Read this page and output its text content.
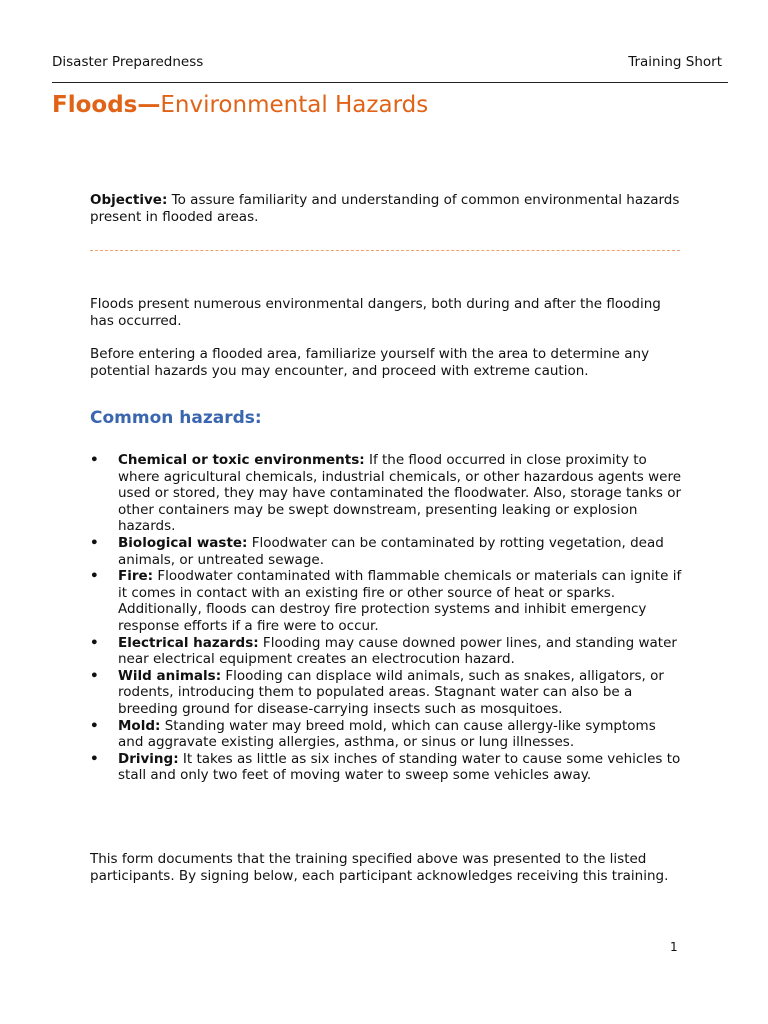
Disaster Preparedness	Training Short
Floods—Environmental Hazards
Objective: To assure familiarity and understanding of common environmental hazards present in flooded areas.
Floods present numerous environmental dangers, both during and after the flooding has occurred.
Before entering a flooded area, familiarize yourself with the area to determine any potential hazards you may encounter, and proceed with extreme caution.
Common hazards:
• Chemical or toxic environments: If the flood occurred in close proximity to where agricultural chemicals, industrial chemicals, or other hazardous agents were used or stored, they may have contaminated the floodwater. Also, storage tanks or other containers may be swept downstream, presenting leaking or explosion hazards.
• Biological waste: Floodwater can be contaminated by rotting vegetation, dead animals, or untreated sewage.
• Fire: Floodwater contaminated with flammable chemicals or materials can ignite if it comes in contact with an existing fire or other source of heat or sparks. Additionally, floods can destroy fire protection systems and inhibit emergency response efforts if a fire were to occur.
• Electrical hazards: Flooding may cause downed power lines, and standing water near electrical equipment creates an electrocution hazard.
• Wild animals: Flooding can displace wild animals, such as snakes, alligators, or rodents, introducing them to populated areas. Stagnant water can also be a breeding ground for disease-carrying insects such as mosquitoes.
• Mold: Standing water may breed mold, which can cause allergy-like symptoms and aggravate existing allergies, asthma, or sinus or lung illnesses.
• Driving: It takes as little as six inches of standing water to cause some vehicles to stall and only two feet of moving water to sweep some vehicles away.
This form documents that the training specified above was presented to the listed participants. By signing below, each participant acknowledges receiving this training.
1
